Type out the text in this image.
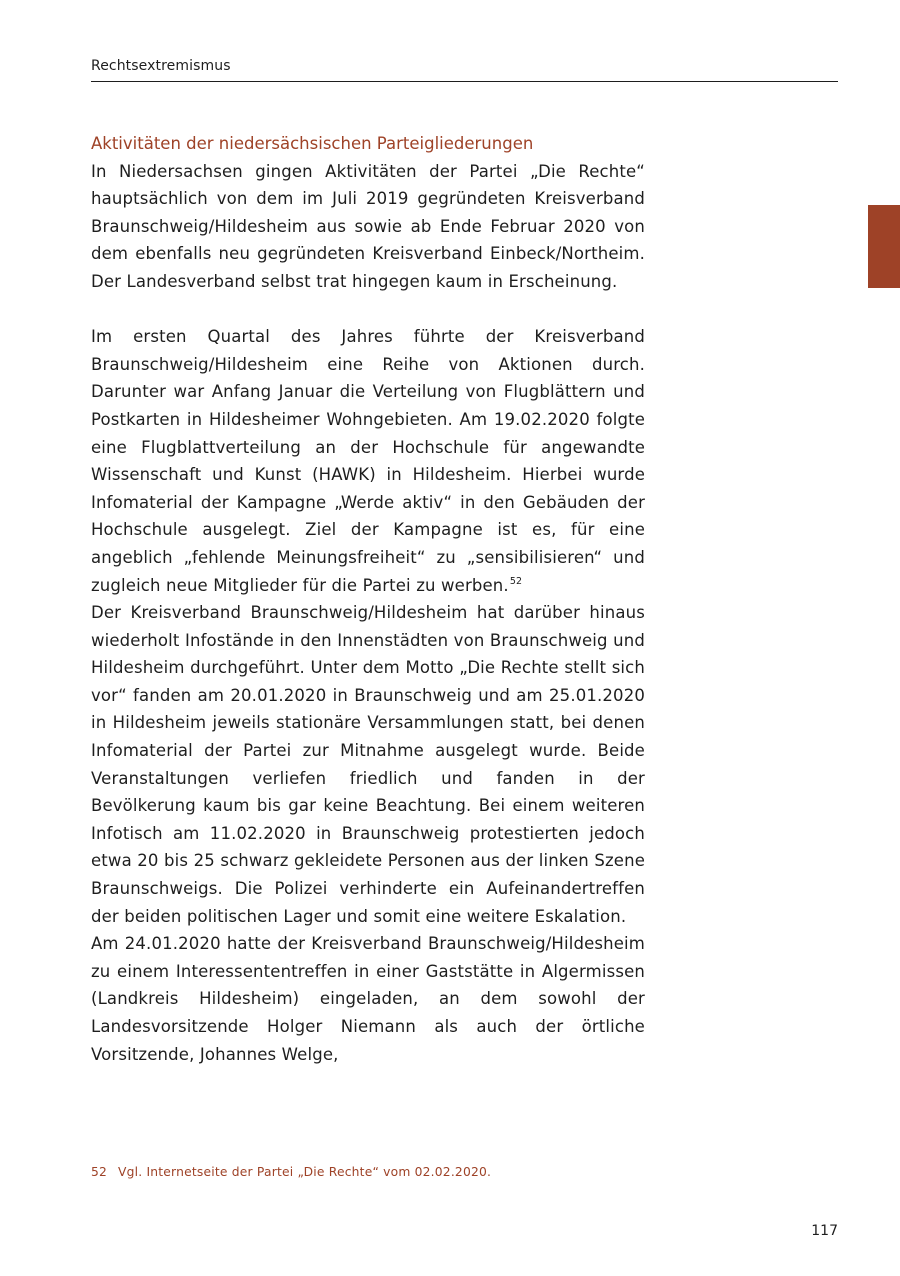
Rechtsextremismus
Aktivitäten der niedersächsischen Parteigliederungen

In Niedersachsen gingen Aktivitäten der Partei „Die Rechte“ hauptsächlich von dem im Juli 2019 gegründeten Kreisverband Braunschweig/Hildesheim aus sowie ab Ende Februar 2020 von dem ebenfalls neu gegründeten Kreisverband Einbeck/Northeim. Der Landesverband selbst trat hingegen kaum in Erscheinung.

Im ersten Quartal des Jahres führte der Kreisverband Braunschweig/Hildesheim eine Reihe von Aktionen durch. Darunter war Anfang Januar die Verteilung von Flugblättern und Postkarten in Hildesheimer Wohngebieten. Am 19.02.2020 folgte eine Flugblattverteilung an der Hochschule für angewandte Wissenschaft und Kunst (HAWK) in Hildesheim. Hierbei wurde Infomaterial der Kampagne „Werde aktiv“ in den Gebäuden der Hochschule ausgelegt. Ziel der Kampagne ist es, für eine angeblich „fehlende Meinungsfreiheit“ zu „sensibilisieren“ und zugleich neue Mitglieder für die Partei zu werben.$^{52}$

Der Kreisverband Braunschweig/Hildesheim hat darüber hinaus wiederholt Infostände in den Innenstädten von Braunschweig und Hildesheim durchgeführt. Unter dem Motto „Die Rechte stellt sich vor“ fanden am 20.01.2020 in Braunschweig und am 25.01.2020 in Hildesheim jeweils stationäre Versammlungen statt, bei denen Infomaterial der Partei zur Mitnahme ausgelegt wurde. Beide Veranstaltungen verliefen friedlich und fanden in der Bevölkerung kaum bis gar keine Beachtung. Bei einem weiteren Infotisch am 11.02.2020 in Braunschweig protestierten jedoch etwa 20 bis 25 schwarz gekleidete Personen aus der linken Szene Braunschweigs. Die Polizei verhinderte ein Aufeinandertreffen der beiden politischen Lager und somit eine weitere Eskalation.

Am 24.01.2020 hatte der Kreisverband Braunschweig/Hildesheim zu einem Interessententreffen in einer Gaststätte in Algermissen (Landkreis Hildesheim) eingeladen, an dem sowohl der Landesvorsitzende Holger Niemann als auch der örtliche Vorsitzende, Johannes Welge,

52 Vgl. Internetseite der Partei „Die Rechte“ vom 02.02.2020.
117
